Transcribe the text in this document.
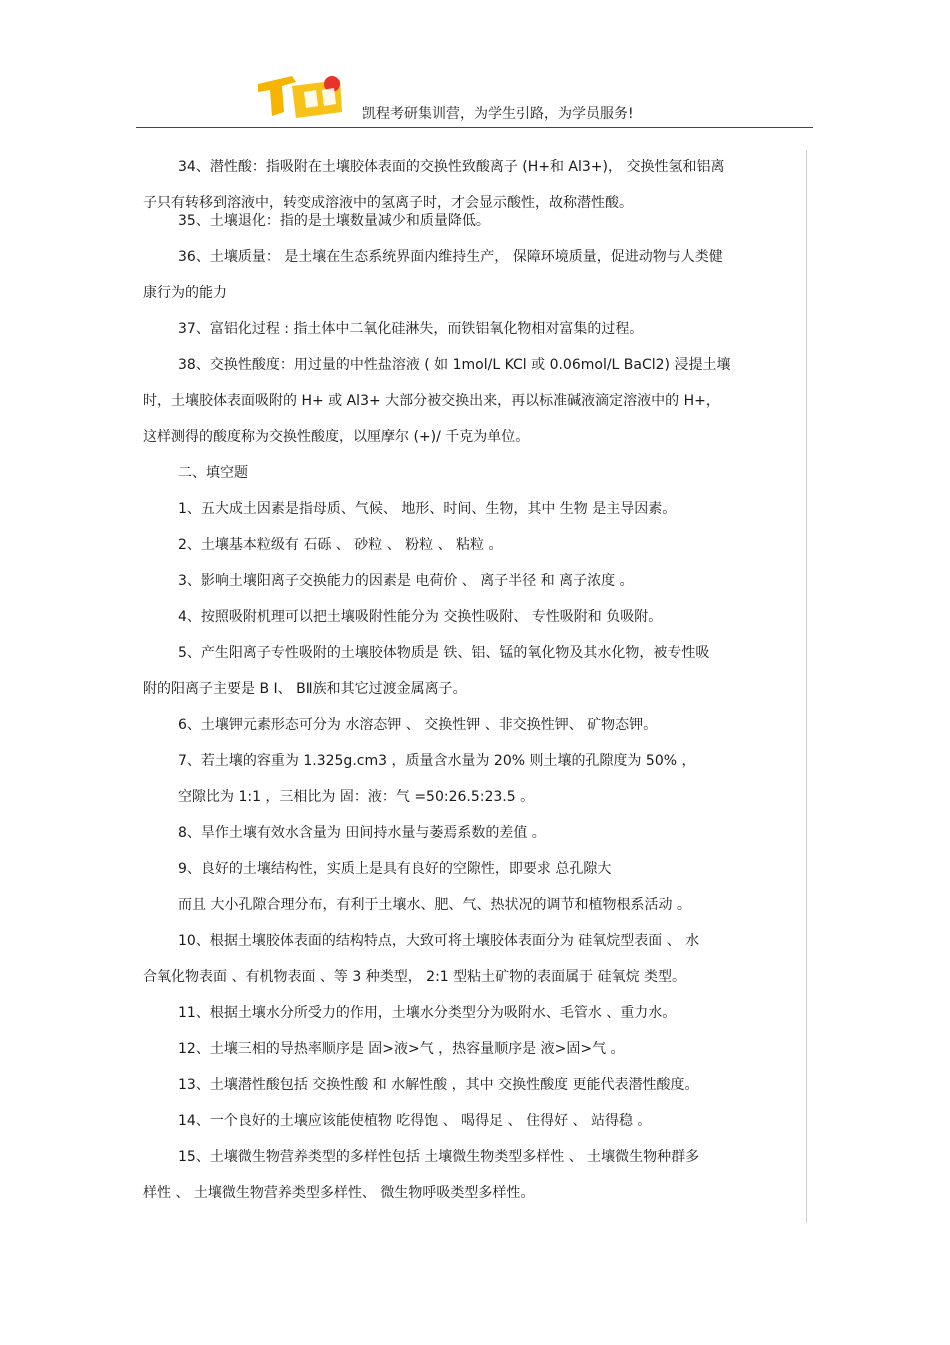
凯程考研集训营，为学生引路，为学员服务!

34、潜性酸：指吸附在土壤胶体表面的交换性致酸离子 (H+和 Al3+)， 交换性氢和铝离

子只有转移到溶液中，转变成溶液中的氢离子时，才会显示酸性，故称潜性酸。

35、土壤退化：指的是土壤数量减少和质量降低。

36、土壤质量： 是土壤在生态系统界面内维持生产， 保障环境质量，促进动物与人类健

康行为的能力

37、富铝化过程 : 指土体中二氧化硅淋失，而铁铝氧化物相对富集的过程。

38、交换性酸度：用过量的中性盐溶液 ( 如 1mol/L KCl 或 0.06mol/L BaCl2) 浸提土壤

时，土壤胶体表面吸附的 H+ 或 Al3+ 大部分被交换出来，再以标准碱液滴定溶液中的 H+，

这样测得的酸度称为交换性酸度，以厘摩尔 (+)/ 千克为单位。

二、填空题

1、五大成土因素是指母质、气候、 地形、时间、生物，其中 生物 是主导因素。

2、土壤基本粒级有 石砾 、 砂粒 、 粉粒 、 粘粒 。

3、影响土壤阳离子交换能力的因素是 电荷价 、 离子半径 和 离子浓度 。

4、按照吸附机理可以把土壤吸附性能分为 交换性吸附、 专性吸附和 负吸附。

5、产生阳离子专性吸附的土壤胶体物质是 铁、铝、锰的氧化物及其水化物，被专性吸

附的阳离子主要是 B Ⅰ、 BⅡ族和其它过渡金属离子。

6、土壤钾元素形态可分为 水溶态钾 、 交换性钾 、非交换性钾、 矿物态钾。

7、若土壤的容重为 1.325g.cm3 ，质量含水量为 20% 则土壤的孔隙度为 50% ，

空隙比为 1:1 ，三相比为 固：液：气 =50:26.5:23.5 。

8、旱作土壤有效水含量为 田间持水量与萎焉系数的差值 。

9、良好的土壤结构性，实质上是具有良好的空隙性，即要求 总孔隙大

而且 大小孔隙合理分布，有利于土壤水、肥、气、热状况的调节和植物根系活动 。

10、根据土壤胶体表面的结构特点，大致可将土壤胶体表面分为 硅氧烷型表面 、 水

合氧化物表面 、有机物表面 、等 3 种类型， 2:1 型粘土矿物的表面属于 硅氧烷 类型。

11、根据土壤水分所受力的作用，土壤水分类型分为吸附水、毛管水 、重力水。

12、土壤三相的导热率顺序是 固>液>气 ，热容量顺序是 液>固>气 。

13、土壤潜性酸包括 交换性酸 和 水解性酸 ，其中 交换性酸度 更能代表潜性酸度。

14、一个良好的土壤应该能使植物 吃得饱 、 喝得足 、 住得好 、 站得稳 。

15、土壤微生物营养类型的多样性包括 土壤微生物类型多样性 、 土壤微生物种群多

样性 、 土壤微生物营养类型多样性、 微生物呼吸类型多样性。
